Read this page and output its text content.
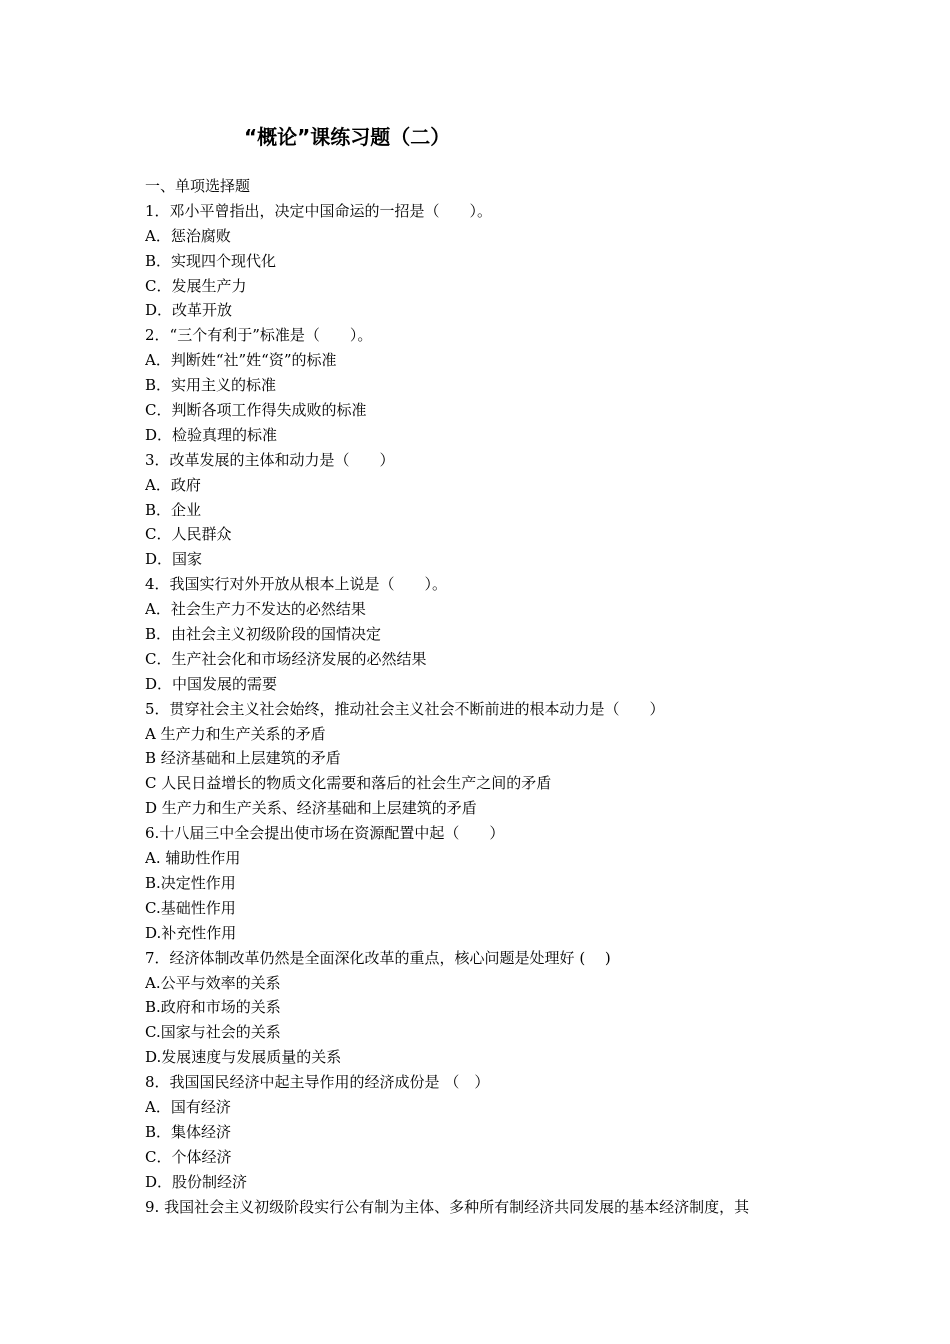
“概论”课练习题（二）
一、单项选择题
1．邓小平曾指出，决定中国命运的一招是（　　）。
A．惩治腐败
B．实现四个现代化
C．发展生产力
D．改革开放
2．“三个有利于”标准是（　　）。
A．判断姓“社”姓“资”的标准
B．实用主义的标准
C．判断各项工作得失成败的标准
D．检验真理的标准
3．改革发展的主体和动力是（　　）
A．政府
B．企业
C．人民群众
D．国家
4．我国实行对外开放从根本上说是（　　）。
A．社会生产力不发达的必然结果
B．由社会主义初级阶段的国情决定
C．生产社会化和市场经济发展的必然结果
D．中国发展的需要
5．贯穿社会主义社会始终，推动社会主义社会不断前进的根本动力是（　　）
A 生产力和生产关系的矛盾
B 经济基础和上层建筑的矛盾
C 人民日益增长的物质文化需要和落后的社会生产之间的矛盾
D 生产力和生产关系、经济基础和上层建筑的矛盾
6.十八届三中全会提出使市场在资源配置中起（　　）
A. 辅助性作用
B.决定性作用
C.基础性作用
D.补充性作用
7．经济体制改革仍然是全面深化改革的重点，核心问题是处理好 (　 )
A.公平与效率的关系
B.政府和市场的关系
C.国家与社会的关系
D.发展速度与发展质量的关系
8．我国国民经济中起主导作用的经济成份是 （　）
A．国有经济
B．集体经济
C．个体经济
D．股份制经济
9. 我国社会主义初级阶段实行公有制为主体、多种所有制经济共同发展的基本经济制度，其
